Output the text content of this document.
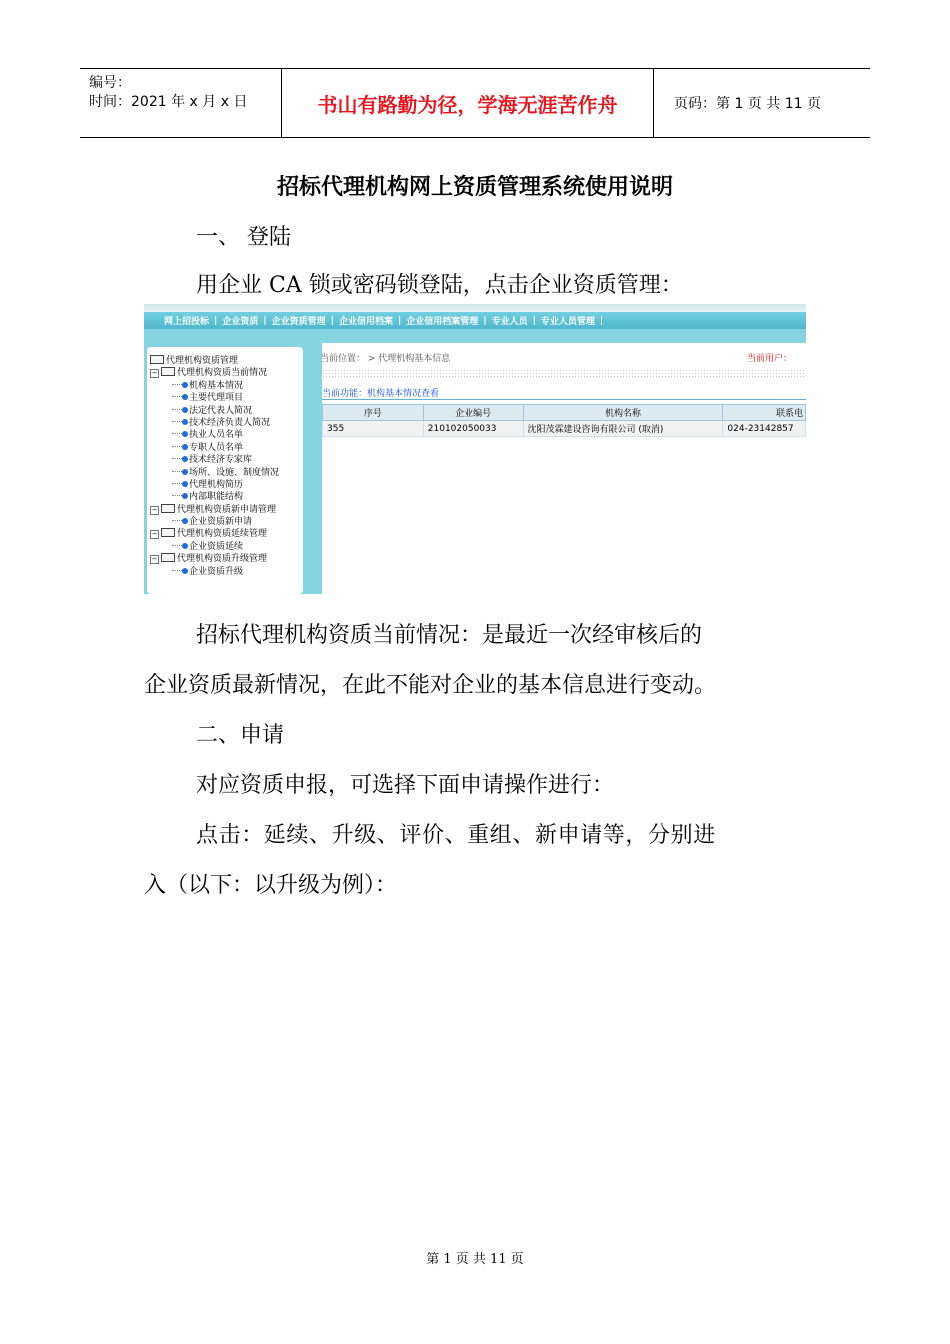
编号：
时间：2021 年 x 月 x 日	书山有路勤为径，学海无涯苦作舟	页码：第 1 页 共 11 页
招标代理机构网上资质管理系统使用说明
一、 登陆
用企业 CA 锁或密码锁登陆，点击企业资质管理：
网上招投标 | 企业资质 | 企业资质管理 | 企业信用档案 | 企业信用档案管理 | 专业人员 | 专业人员管理 |
代理机构资质管理
− 代理机构资质当前情况
机构基本情况
主要代理项目
法定代表人简况
技术经济负责人简况
执业人员名单
专职人员名单
技术经济专家库
场所、设施、制度情况
代理机构简历
内部职能结构
− 代理机构资质新申请管理
企业资质新申请
− 代理机构资质延续管理
企业资质延续
− 代理机构资质升级管理
企业资质升级
当前位置： > 代理机构基本信息	当前用户：
当前功能：机构基本情况查看
序号	企业编号	机构名称	联系电
355	210102050033	沈阳茂霖建设咨询有限公司 (取消)	024-23142857
招标代理机构资质当前情况：是最近一次经审核后的
企业资质最新情况，在此不能对企业的基本信息进行变动。
二、申请
对应资质申报，可选择下面申请操作进行：
点击：延续、升级、评价、重组、新申请等，分别进
入（以下：以升级为例）：
第 1 页 共 11 页
